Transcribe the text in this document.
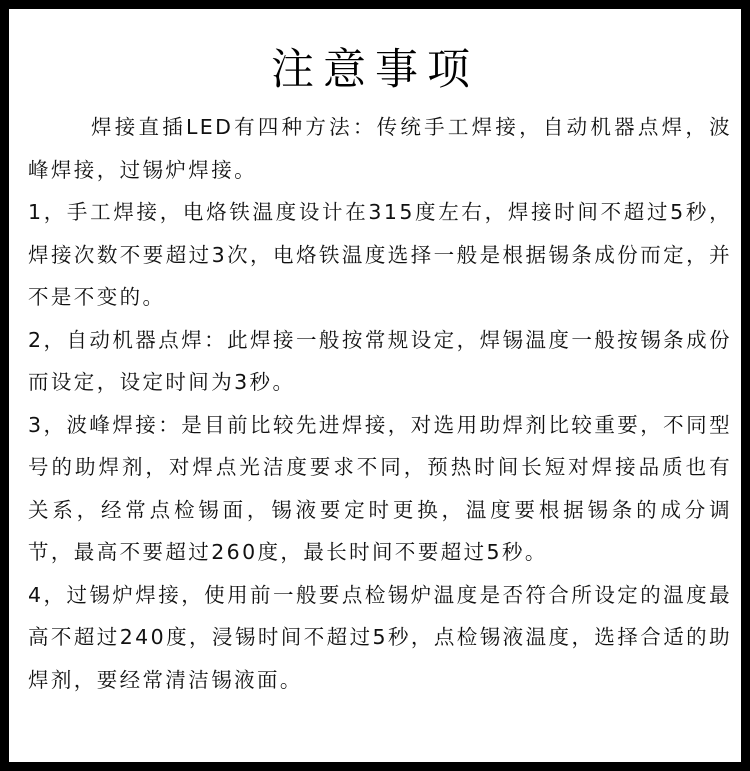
注意事项

焊接直插LED有四种方法：传统手工焊接，自动机器点焊，波峰焊接，过锡炉焊接。

1，手工焊接，电烙铁温度设计在315度左右，焊接时间不超过5秒，焊接次数不要超过3次，电烙铁温度选择一般是根据锡条成份而定，并不是不变的。

2，自动机器点焊：此焊接一般按常规设定，焊锡温度一般按锡条成份而设定，设定时间为3秒。

3，波峰焊接：是目前比较先进焊接，对选用助焊剂比较重要，不同型号的助焊剂，对焊点光洁度要求不同，预热时间长短对焊接品质也有关系，经常点检锡面，锡液要定时更换，温度要根据锡条的成分调节，最高不要超过260度，最长时间不要超过5秒。

4，过锡炉焊接，使用前一般要点检锡炉温度是否符合所设定的温度最高不超过240度，浸锡时间不超过5秒，点检锡液温度，选择合适的助焊剂，要经常清洁锡液面。
